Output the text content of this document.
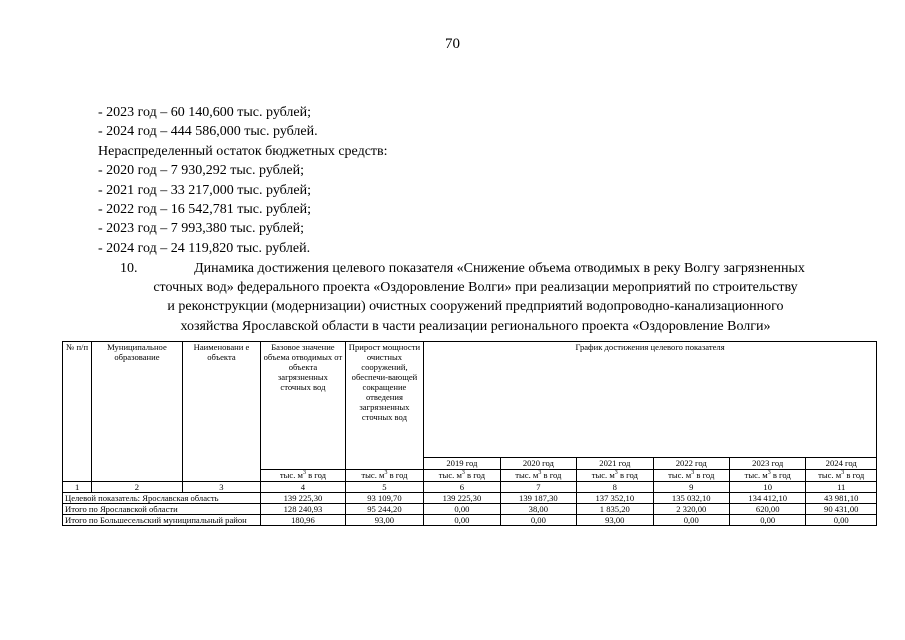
70
- 2023 год – 60 140,600 тыс. рублей;
- 2024 год – 444 586,000 тыс. рублей.
Нераспределенный остаток бюджетных средств:
- 2020 год – 7 930,292 тыс. рублей;
- 2021 год – 33 217,000 тыс. рублей;
- 2022 год – 16 542,781 тыс. рублей;
- 2023 год – 7 993,380 тыс. рублей;
- 2024 год – 24 119,820 тыс. рублей.
10.	Динамика достижения целевого показателя «Снижение объема отводимых в реку Волгу загрязненных

сточных вод» федерального проекта «Оздоровление Волги» при реализации мероприятий по строительству

и реконструкции (модернизации) очистных сооружений предприятий водопроводно-канализационного

хозяйства Ярославской области в части реализации регионального проекта «Оздоровление Волги»

№ п/п	Муниципальное образование	Наименовани е объекта	Базовое значение объема отводимых от объекта загрязненных сточных вод	Прирост мощности очистных сооружений, обеспечи-вающей сокращение отведения загрязненных сточных вод	График достижения целевого показателя					
					2019 год	2020 год	2021 год	2022 год	2023 год	2024 год
			тыс. $м^3$ в год	тыс. $м^3$ в год	тыс. $м^3$ в год	тыс. $м^3$ в год	тыс. $м^3$ в год	тыс. $м^3$ в год	тыс. $м^3$ в год	тыс. $м^3$ в год
1	2	3	4	5	6	7	8	9	10	11
Целевой показатель: Ярославская область			139 225,30	93 109,70	139 225,30	139 187,30	137 352,10	135 032,10	134 412,10	43 981,10
Итого по Ярославской области			128 240,93	95 244,20	0,00	38,00	1 835,20	2 320,00	620,00	90 431,00
Итого по Большесельский муниципальный район			180,96	93,00	0,00	0,00	93,00	0,00	0,00	0,00
